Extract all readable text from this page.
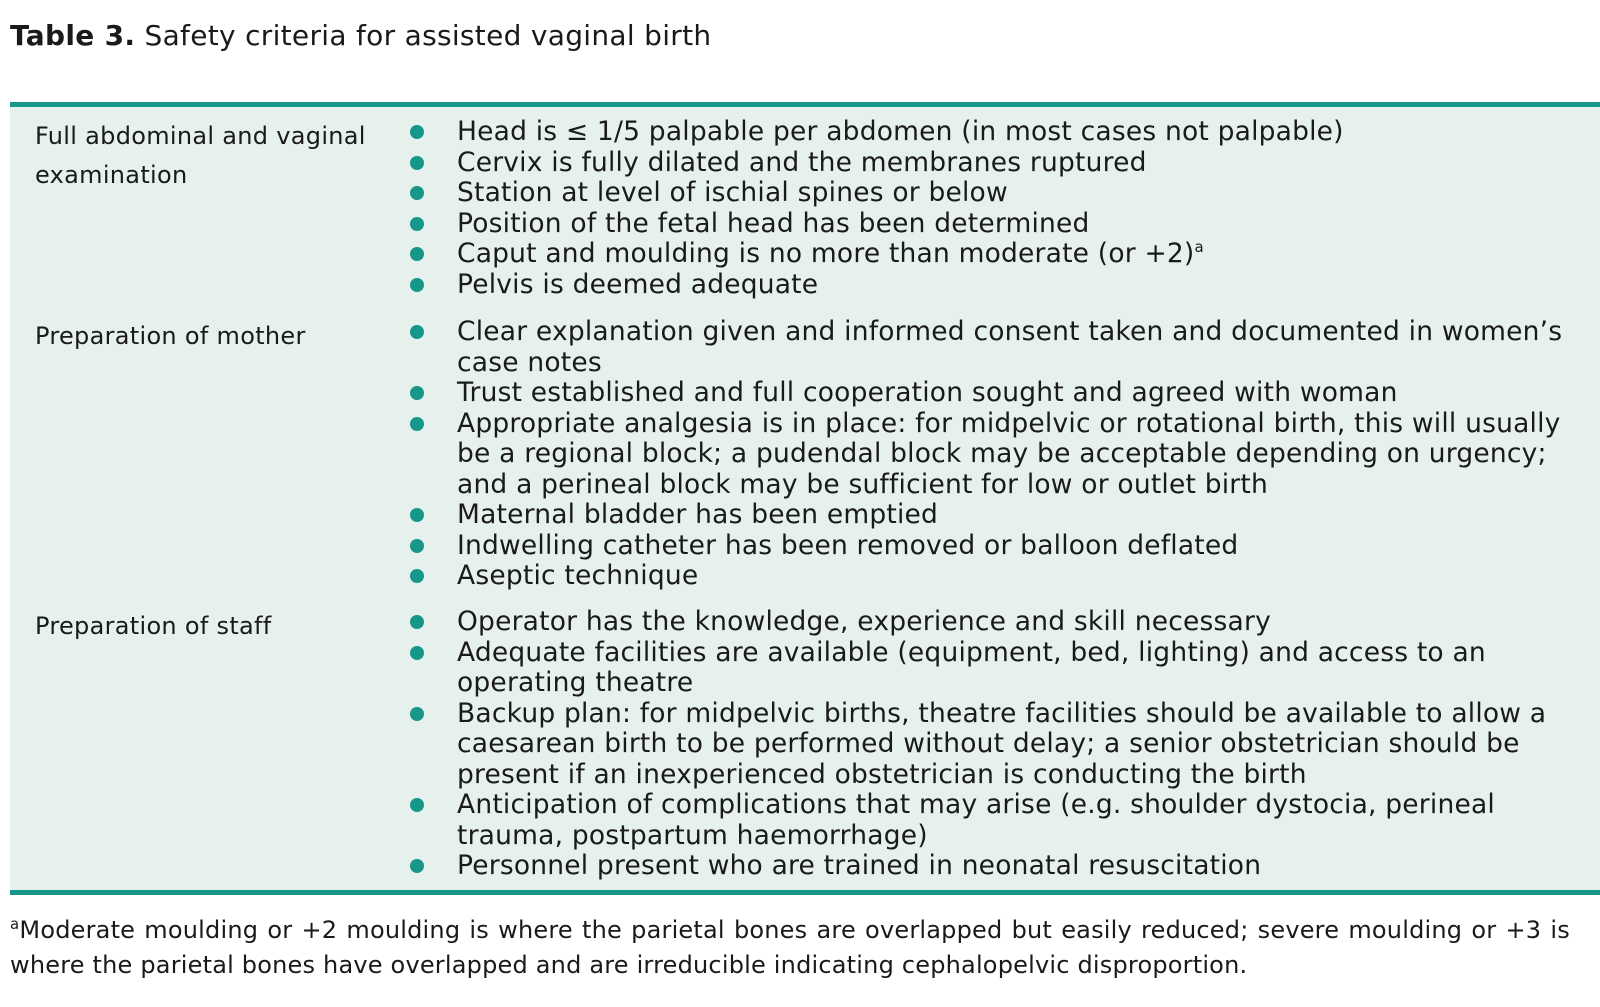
Table 3. Safety criteria for assisted vaginal birth
Full abdominal and vaginal examination
Head is ≤ 1/5 palpable per abdomen (in most cases not palpable)
Cervix is fully dilated and the membranes ruptured
Station at level of ischial spines or below
Position of the fetal head has been determined
Caput and moulding is no more than moderate (or +2)$^a$
Pelvis is deemed adequate
Preparation of mother	Clear explanation given and informed consent taken and documented in women’s case notes
Trust established and full cooperation sought and agreed with woman
Appropriate analgesia is in place: for midpelvic or rotational birth, this will usually be a regional block; a pudendal block may be acceptable depending on urgency; and a perineal block may be sufficient for low or outlet birth
Maternal bladder has been emptied
Indwelling catheter has been removed or balloon deflated
Aseptic technique
Preparation of staff	Operator has the knowledge, experience and skill necessary
Adequate facilities are available (equipment, bed, lighting) and access to an operating theatre
Backup plan: for midpelvic births, theatre facilities should be available to allow a caesarean birth to be performed without delay; a senior obstetrician should be present if an inexperienced obstetrician is conducting the birth
Anticipation of complications that may arise (e.g. shoulder dystocia, perineal trauma, postpartum haemorrhage)
Personnel present who are trained in neonatal resuscitation
$^a$Moderate moulding or +2 moulding is where the parietal bones are overlapped but easily reduced; severe moulding or +3 is where the parietal bones have overlapped and are irreducible indicating cephalopelvic disproportion.
